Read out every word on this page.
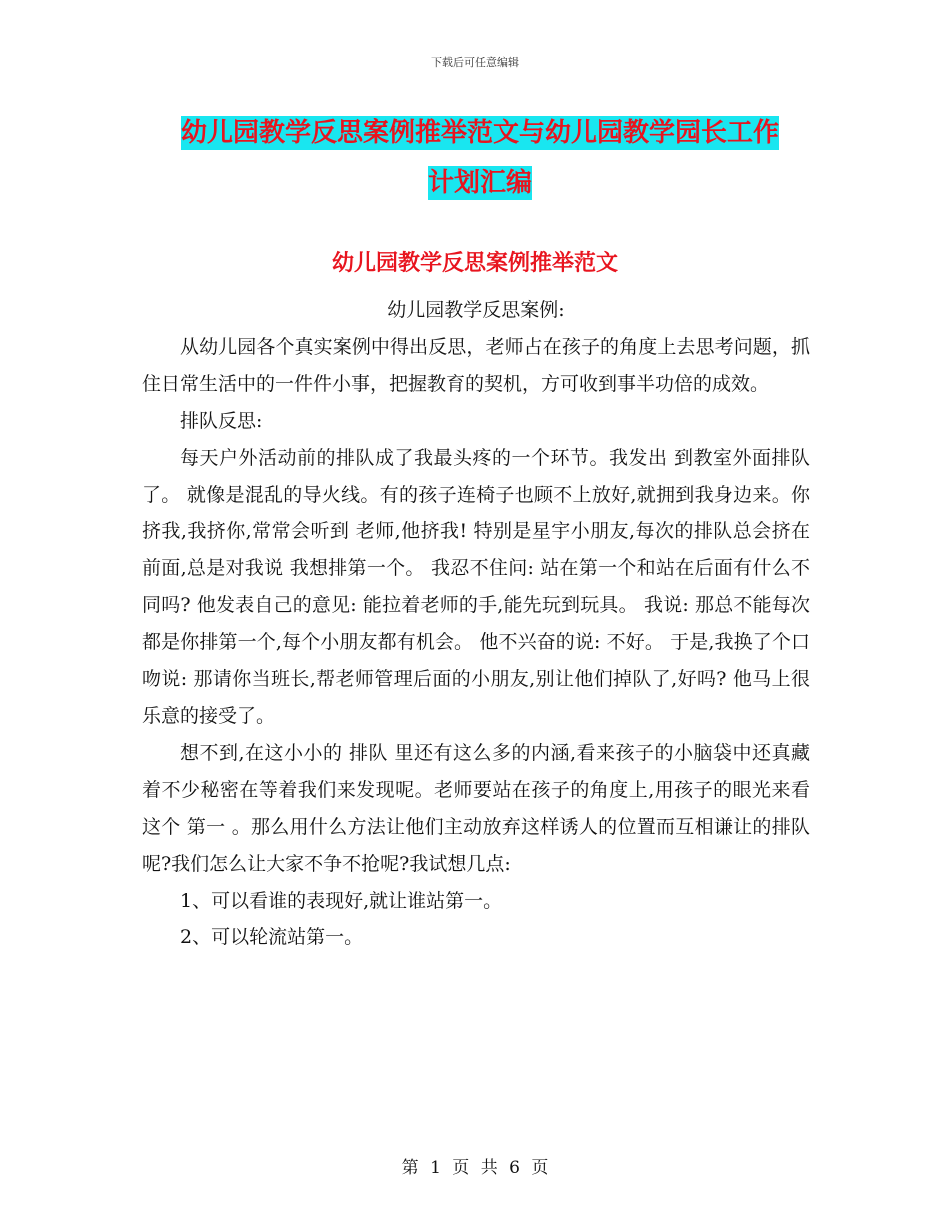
下载后可任意编辑
幼儿园教学反思案例推举范文与幼儿园教学园长工作
计划汇编
幼儿园教学反思案例推举范文

幼儿园教学反思案例:

从幼儿园各个真实案例中得出反思，老师占在孩子的角度上去思考问题，抓住日常生活中的一件件小事，把握教育的契机，方可收到事半功倍的成效。

排队反思:

每天户外活动前的排队成了我最头疼的一个环节。我发出 到教室外面排队了。 就像是混乱的导火线。有的孩子连椅子也顾不上放好,就拥到我身边来。你挤我,我挤你,常常会听到 老师,他挤我! 特别是星宇小朋友,每次的排队总会挤在前面,总是对我说 我想排第一个。 我忍不住问: 站在第一个和站在后面有什么不同吗? 他发表自己的意见: 能拉着老师的手,能先玩到玩具。 我说: 那总不能每次都是你排第一个,每个小朋友都有机会。 他不兴奋的说: 不好。 于是,我换了个口吻说: 那请你当班长,帮老师管理后面的小朋友,别让他们掉队了,好吗? 他马上很乐意的接受了。

想不到,在这小小的 排队 里还有这么多的内涵,看来孩子的小脑袋中还真藏着不少秘密在等着我们来发现呢。老师要站在孩子的角度上,用孩子的眼光来看这个 第一 。那么用什么方法让他们主动放弃这样诱人的位置而互相谦让的排队呢?我们怎么让大家不争不抢呢?我试想几点:

1、可以看谁的表现好,就让谁站第一。

2、可以轮流站第一。

第 1 页 共 6 页
